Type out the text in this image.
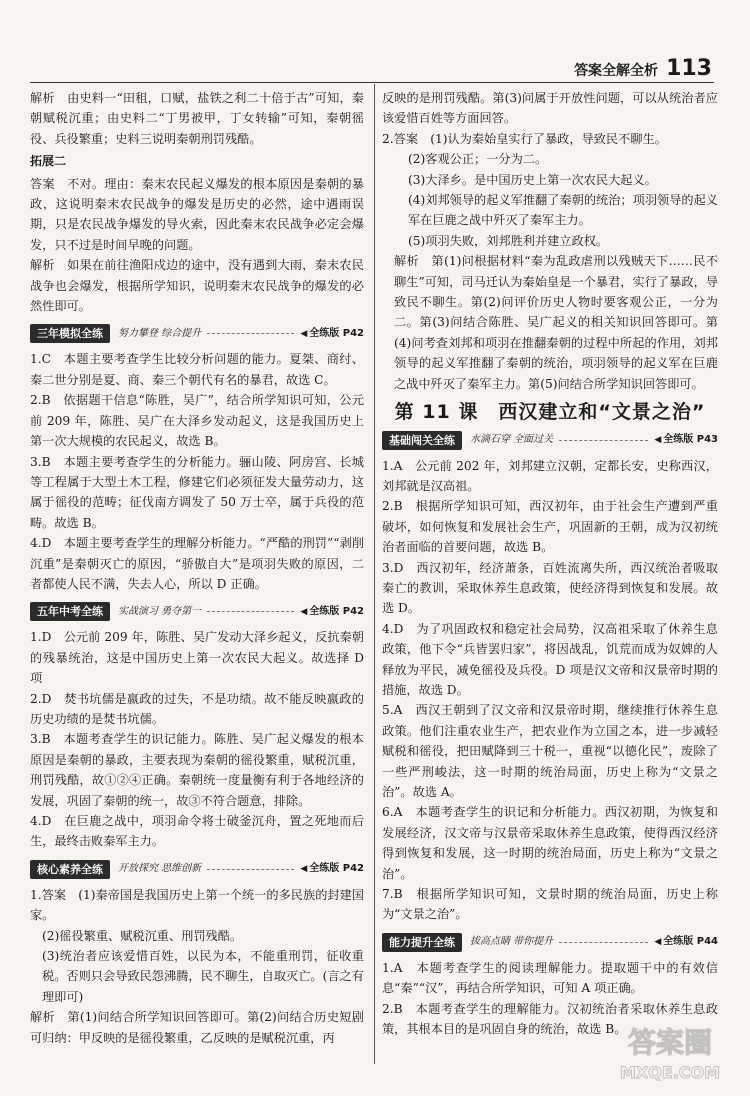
答案全解全析 113

解析　由史料一“田租，口赋，盐铁之利二十倍于古”可知，秦朝赋税沉重；由史料二“丁男被甲，丁女转输”可知，秦朝徭役、兵役繁重；史料三说明秦朝刑罚残酷。

拓展二

答案　不对。理由：秦末农民起义爆发的根本原因是秦朝的暴政，这说明秦末农民战争的爆发是历史的必然，途中遇雨误期，只是农民战争爆发的导火索，因此秦末农民战争必定会爆发，只不过是时间早晚的问题。

解析　如果在前往渔阳戍边的途中，没有遇到大雨，秦末农民战争也会爆发，根据所学知识，说明秦末农民战争的爆发的必然性即可。

三年模拟全练	努力攀登 综合提升	◀ 全练版 P42

1.C　本题主要考查学生比较分析问题的能力。夏桀、商纣、秦二世分别是夏、商、秦三个朝代有名的暴君，故选 C。

2.B　依据题干信息“陈胜，吴广”，结合所学知识可知，公元前 209 年，陈胜、吴广在大泽乡发动起义，这是我国历史上第一次大规模的农民起义，故选 B。

3.B　本题主要考查学生的分析能力。骊山陵、阿房宫、长城等工程属于大型土木工程，修建它们必须征发大量劳动力，这属于徭役的范畴；征伐南方调发了 50 万士卒，属于兵役的范畴。故选 B。

4.D　本题主要考查学生的理解分析能力。“严酷的刑罚”“剥削沉重”是秦朝灭亡的原因，“骄傲自大”是项羽失败的原因，二者都使人民不满，失去人心，所以 D 正确。

五年中考全练	实战演习 勇夺第一	◀ 全练版 P42

1.D　公元前 209 年，陈胜、吴广发动大泽乡起义，反抗秦朝的残暴统治，这是中国历史上第一次农民大起义。故选择 D 项

2.D　焚书坑儒是嬴政的过失，不是功绩。故不能反映嬴政的历史功绩的是焚书坑儒。

3.B　本题考查学生的识记能力。陈胜、吴广起义爆发的根本原因是秦朝的暴政，主要表现为秦朝的徭役繁重，赋税沉重，刑罚残酷，故①②④正确。秦朝统一度量衡有利于各地经济的发展，巩固了秦朝的统一，故③不符合题意，排除。

4.D　在巨鹿之战中，项羽命令将士破釜沉舟，置之死地而后生，最终击败秦军主力。

核心素养全练	开放探究 思维创新	◀ 全练版 P42

1.答案　(1)秦帝国是我国历史上第一个统一的多民族的封建国家。

(2)徭役繁重、赋税沉重、刑罚残酷。

(3)统治者应该爱惜百姓，以民为本，不能重刑罚，征收重税。否则只会导致民怨沸腾，民不聊生，自取灭亡。(言之有理即可)

解析　第(1)问结合所学知识回答即可。第(2)问结合历史短剧可归纳：甲反映的是徭役繁重，乙反映的是赋税沉重，丙

反映的是刑罚残酷。第(3)问属于开放性问题，可以从统治者应该爱惜百姓等方面回答。

2.答案　(1)认为秦始皇实行了暴政，导致民不聊生。

(2)客观公正；一分为二。

(3)大泽乡。是中国历史上第一次农民大起义。

(4)刘邦领导的起义军推翻了秦朝的统治；项羽领导的起义军在巨鹿之战中歼灭了秦军主力。

(5)项羽失败，刘邦胜利并建立政权。

解析　第(1)问根据材料“秦为乱政虐刑以残贼天下……民不聊生”可知，司马迁认为秦始皇是一个暴君，实行了暴政，导致民不聊生。第(2)问评价历史人物时要客观公正，一分为二。第(3)问结合陈胜、吴广起义的相关知识回答即可。第(4)问考查刘邦和项羽在推翻秦朝的过程中所起的作用，刘邦领导的起义军推翻了秦朝的统治，项羽领导的起义军在巨鹿之战中歼灭了秦军主力。第(5)问结合所学知识回答即可。

第 11 课　西汉建立和“文景之治”
基础闯关全练	水滴石穿 全面过关	◀ 全练版 P43

1.A　公元前 202 年，刘邦建立汉朝，定都长安，史称西汉，刘邦就是汉高祖。

2.B　根据所学知识可知，西汉初年，由于社会生产遭到严重破坏，如何恢复和发展社会生产，巩固新的王朝，成为汉初统治者面临的首要问题，故选 B。

3.D　西汉初年，经济萧条，百姓流离失所，西汉统治者吸取秦亡的教训，采取休养生息政策，使经济得到恢复和发展。故选 D。

4.D　为了巩固政权和稳定社会局势，汉高祖采取了休养生息政策，他下令“兵皆罢归家”，将因战乱，饥荒而成为奴婢的人释放为平民，减免徭役及兵役。D 项是汉文帝和汉景帝时期的措施，故选 D。

5.A　西汉王朝到了汉文帝和汉景帝时期，继续推行休养生息政策。他们注重农业生产，把农业作为立国之本，进一步减轻赋税和徭役，把田赋降到三十税一，重视“以德化民”，废除了一些严刑峻法，这一时期的统治局面，历史上称为“文景之治”。故选 A。

6.A　本题考查学生的识记和分析能力。西汉初期，为恢复和发展经济，汉文帝与汉景帝采取休养生息政策，使得西汉经济得到恢复和发展，这一时期的统治局面，历史上称为“文景之治”。

7.B　根据所学知识可知，文景时期的统治局面，历史上称为“文景之治”。

能力提升全练	拔高点睛 带你提升	◀ 全练版 P44

1.A　本题考查学生的阅读理解能力。提取题干中的有效信息“秦”“汉”，再结合所学知识，可知 A 项正确。

2.B　本题考查学生的理解能力。汉初统治者采取休养生息政策，其根本目的是巩固自身的统治，故选 B。 答案圈
MXQE.COM
